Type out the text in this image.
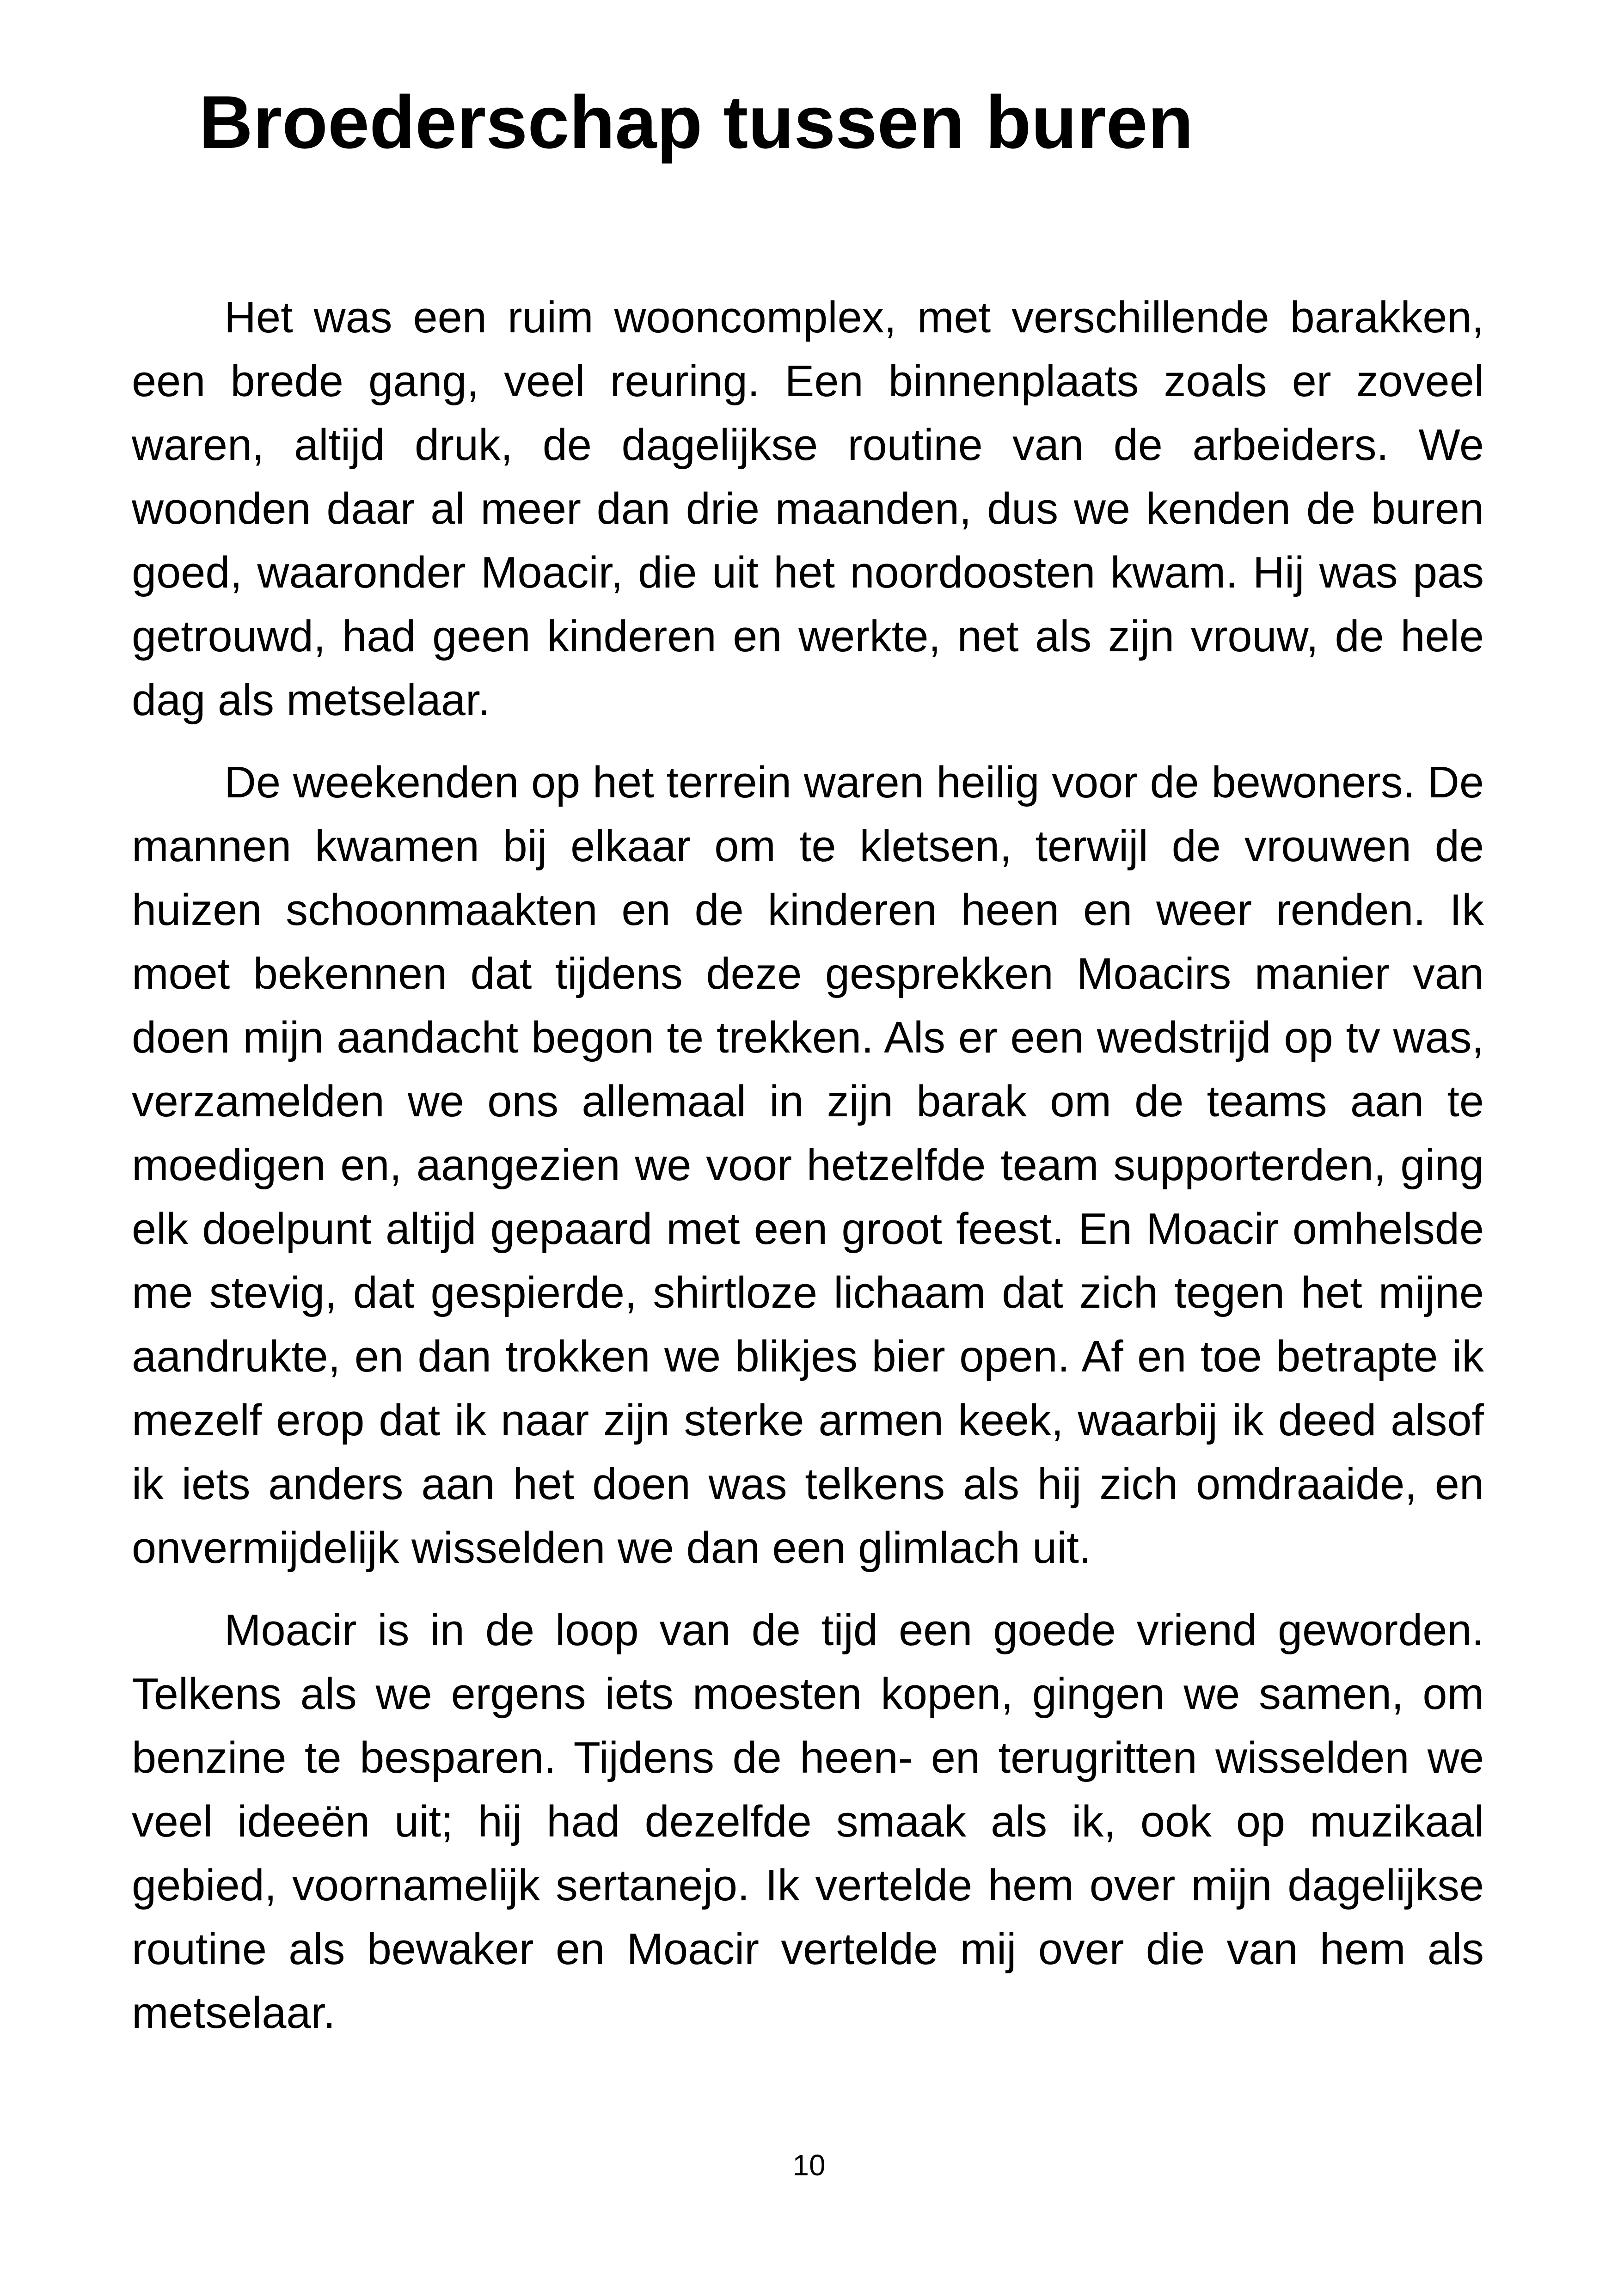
Broederschap tussen buren

Het was een ruim wooncomplex, met verschillende barakken, een brede gang, veel reuring. Een binnenplaats zoals er zoveel waren, altijd druk, de dagelijkse routine van de arbeiders. We woonden daar al meer dan drie maanden, dus we kenden de buren goed, waaronder Moacir, die uit het noordoosten kwam. Hij was pas getrouwd, had geen kinderen en werkte, net als zijn vrouw, de hele dag als metselaar.

De weekenden op het terrein waren heilig voor de bewoners. De mannen kwamen bij elkaar om te kletsen, terwijl de vrouwen de huizen schoonmaakten en de kinderen heen en weer renden. Ik moet bekennen dat tijdens deze gesprekken Moacirs manier van doen mijn aandacht begon te trekken. Als er een wedstrijd op tv was, verzamelden we ons allemaal in zijn barak om de teams aan te moedigen en, aangezien we voor hetzelfde team supporterden, ging elk doelpunt altijd gepaard met een groot feest. En Moacir omhelsde me stevig, dat gespierde, shirtloze lichaam dat zich tegen het mijne aandrukte, en dan trokken we blikjes bier open. Af en toe betrapte ik mezelf erop dat ik naar zijn sterke armen keek, waarbij ik deed alsof ik iets anders aan het doen was telkens als hij zich omdraaide, en onvermijdelijk wisselden we dan een glimlach uit.

Moacir is in de loop van de tijd een goede vriend geworden. Telkens als we ergens iets moesten kopen, gingen we samen, om benzine te besparen. Tijdens de heen- en terugritten wisselden we veel ideeën uit; hij had dezelfde smaak als ik, ook op muzikaal gebied, voornamelijk sertanejo. Ik vertelde hem over mijn dagelijkse routine als bewaker en Moacir vertelde mij over die van hem als metselaar.

10
